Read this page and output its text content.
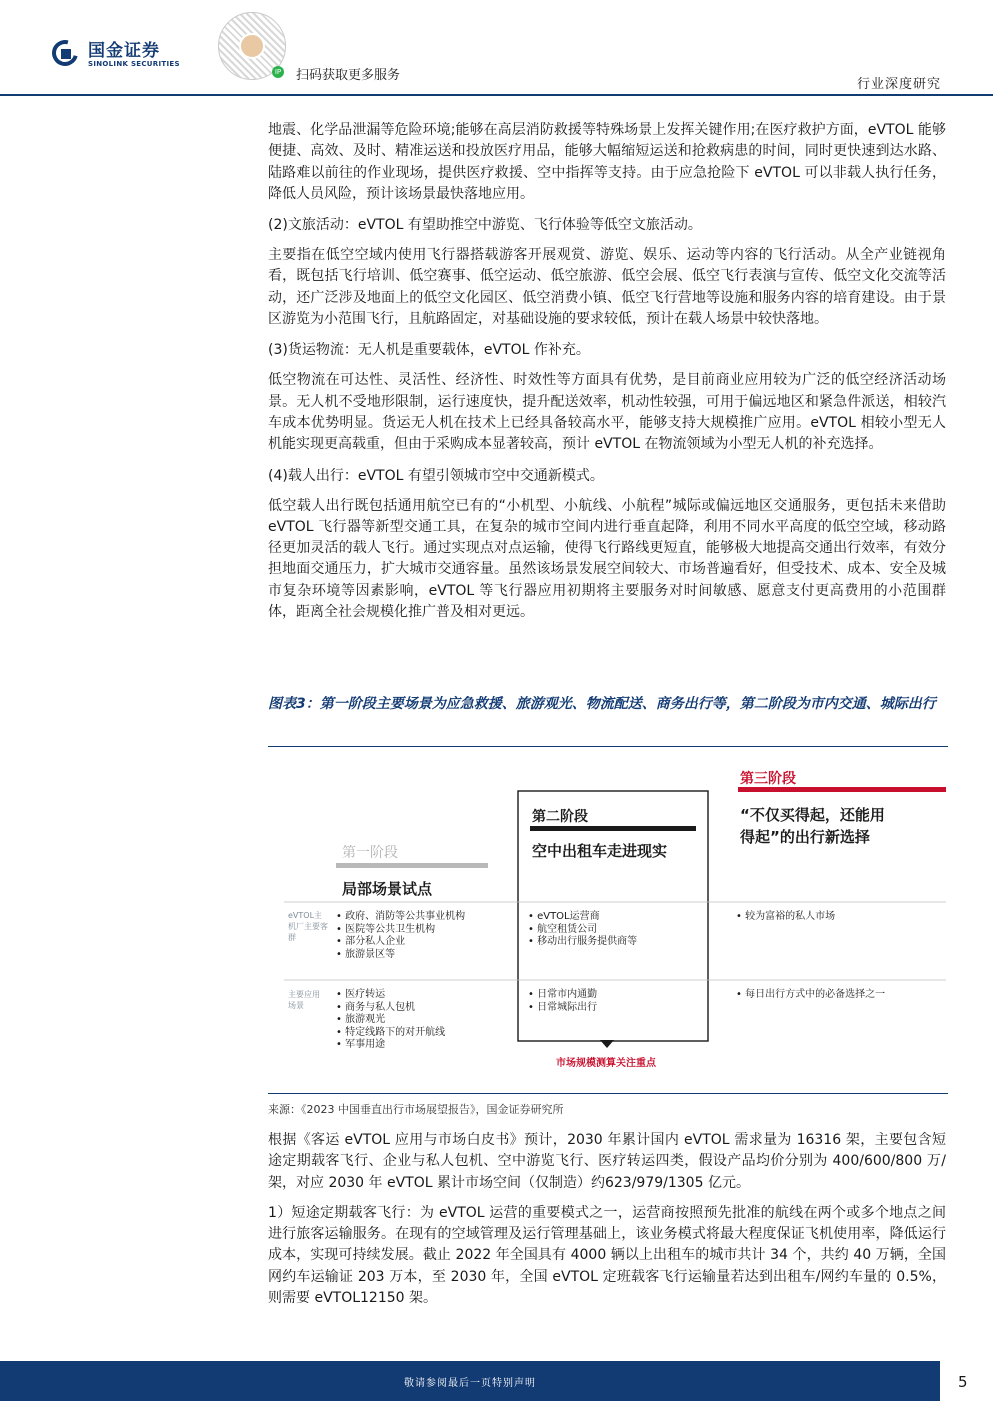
国金证券
SINOLINK SECURITIES
IP 扫码获取更多服务
行业深度研究

地震、化学品泄漏等危险环境;能够在高层消防救援等特殊场景上发挥关键作用;在医疗救护方面，eVTOL 能够便捷、高效、及时、精准运送和投放医疗用品，能够大幅缩短运送和抢救病患的时间，同时更快速到达水路、陆路难以前往的作业现场，提供医疗救援、空中指挥等支持。由于应急抢险下 eVTOL 可以非载人执行任务，降低人员风险，预计该场景最快落地应用。

(2)文旅活动：eVTOL 有望助推空中游览、飞行体验等低空文旅活动。

主要指在低空空域内使用飞行器搭载游客开展观赏、游览、娱乐、运动等内容的飞行活动。从全产业链视角看，既包括飞行培训、低空赛事、低空运动、低空旅游、低空会展、低空飞行表演与宣传、低空文化交流等活动，还广泛涉及地面上的低空文化园区、低空消费小镇、低空飞行营地等设施和服务内容的培育建设。由于景区游览为小范围飞行，且航路固定，对基础设施的要求较低，预计在载人场景中较快落地。

(3)货运物流：无人机是重要载体，eVTOL 作补充。

低空物流在可达性、灵活性、经济性、时效性等方面具有优势，是目前商业应用较为广泛的低空经济活动场景。无人机不受地形限制，运行速度快，提升配送效率，机动性较强，可用于偏远地区和紧急件派送，相较汽车成本优势明显。货运无人机在技术上已经具备较高水平，能够支持大规模推广应用。eVTOL 相较小型无人机能实现更高载重，但由于采购成本显著较高，预计 eVTOL 在物流领域为小型无人机的补充选择。

(4)载人出行：eVTOL 有望引领城市空中交通新模式。

低空载人出行既包括通用航空已有的“小机型、小航线、小航程”城际或偏远地区交通服务，更包括未来借助 eVTOL 飞行器等新型交通工具，在复杂的城市空间内进行垂直起降，利用不同水平高度的低空空域，移动路径更加灵活的载人飞行。通过实现点对点运输，使得飞行路线更短直，能够极大地提高交通出行效率，有效分担地面交通压力，扩大城市交通容量。虽然该场景发展空间较大、市场普遍看好，但受技术、成本、安全及城市复杂环境等因素影响，eVTOL 等飞行器应用初期将主要服务对时间敏感、愿意支付更高费用的小范围群体，距离全社会规模化推广普及相对更远。

图表3：第一阶段主要场景为应急救援、旅游观光、物流配送、商务出行等，第二阶段为市内交通、城际出行
第一阶段
局部场景试点
第二阶段
空中出租车走进现实
第三阶段
“不仅买得起，还能用
得起”的出行新选择
eVTOL主
机厂主要客
群
主要应用
场景
• 政府、消防等公共事业机构
• 医院等公共卫生机构
• 部分私人企业
• 旅游景区等
• eVTOL运营商
• 航空租赁公司
• 移动出行服务提供商等
• 较为富裕的私人市场
• 医疗转运
• 商务与私人包机
• 旅游观光
• 特定线路下的对开航线
• 军事用途
• 日常市内通勤
• 日常城际出行
• 每日出行方式中的必备选择之一
市场规模测算关注重点
来源：《2023 中国垂直出行市场展望报告》，国金证券研究所

根据《客运 eVTOL 应用与市场白皮书》预计，2030 年累计国内 eVTOL 需求量为 16316 架，主要包含短途定期载客飞行、企业与私人包机、空中游览飞行、医疗转运四类，假设产品均价分别为 400/600/800 万/架，对应 2030 年 eVTOL 累计市场空间（仅制造）约623/979/1305 亿元。

1）短途定期载客飞行：为 eVTOL 运营的重要模式之一，运营商按照预先批准的航线在两个或多个地点之间进行旅客运输服务。在现有的空域管理及运行管理基础上，该业务模式将最大程度保证飞机使用率，降低运行成本，实现可持续发展。截止 2022 年全国具有 4000 辆以上出租车的城市共计 34 个，共约 40 万辆，全国网约车运输证 203 万本，至 2030 年，全国 eVTOL 定班载客飞行运输量若达到出租车/网约车量的 0.5%，则需要 eVTOL12150 架。

敬请参阅最后一页特别声明	5
